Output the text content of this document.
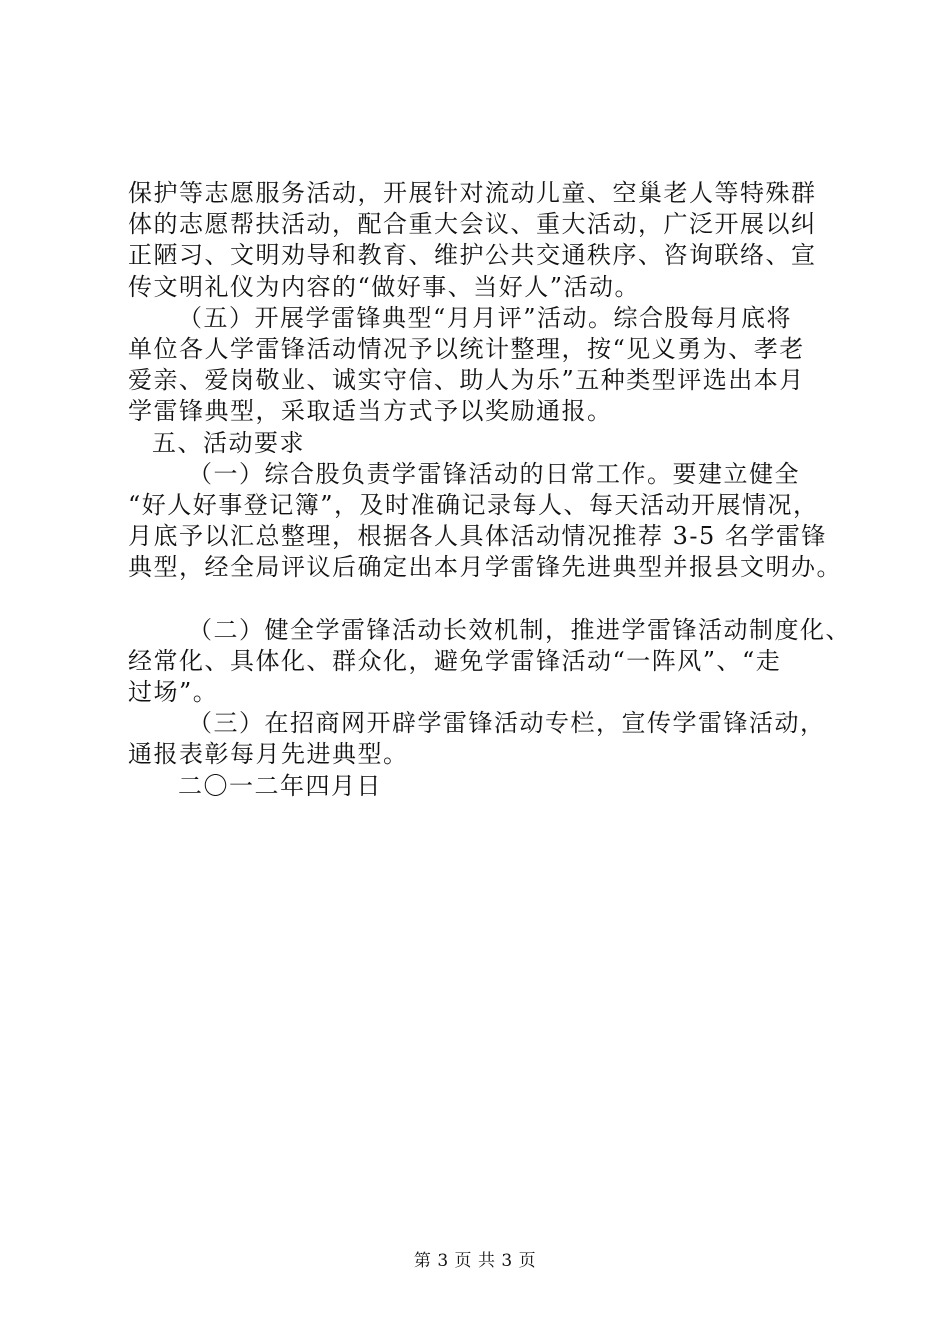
保护等志愿服务活动，开展针对流动儿童、空巢老人等特殊群
体的志愿帮扶活动，配合重大会议、重大活动，广泛开展以纠
正陋习、文明劝导和教育、维护公共交通秩序、咨询联络、宣
传文明礼仪为内容的“做好事、当好人”活动。
（五）开展学雷锋典型“月月评”活动。综合股每月底将
单位各人学雷锋活动情况予以统计整理，按“见义勇为、孝老
爱亲、爱岗敬业、诚实守信、助人为乐”五种类型评选出本月
学雷锋典型，采取适当方式予以奖励通报。
五、活动要求
（一）综合股负责学雷锋活动的日常工作。要建立健全
“好人好事登记簿”，及时准确记录每人、每天活动开展情况，
月底予以汇总整理，根据各人具体活动情况推荐 3-5 名学雷锋
典型，经全局评议后确定出本月学雷锋先进典型并报县文明办。
（二）健全学雷锋活动长效机制，推进学雷锋活动制度化、
经常化、具体化、群众化，避免学雷锋活动“一阵风”、“走
过场”。
（三）在招商网开辟学雷锋活动专栏，宣传学雷锋活动，
通报表彰每月先进典型。
二〇一二年四月日
第 3 页 共 3 页
